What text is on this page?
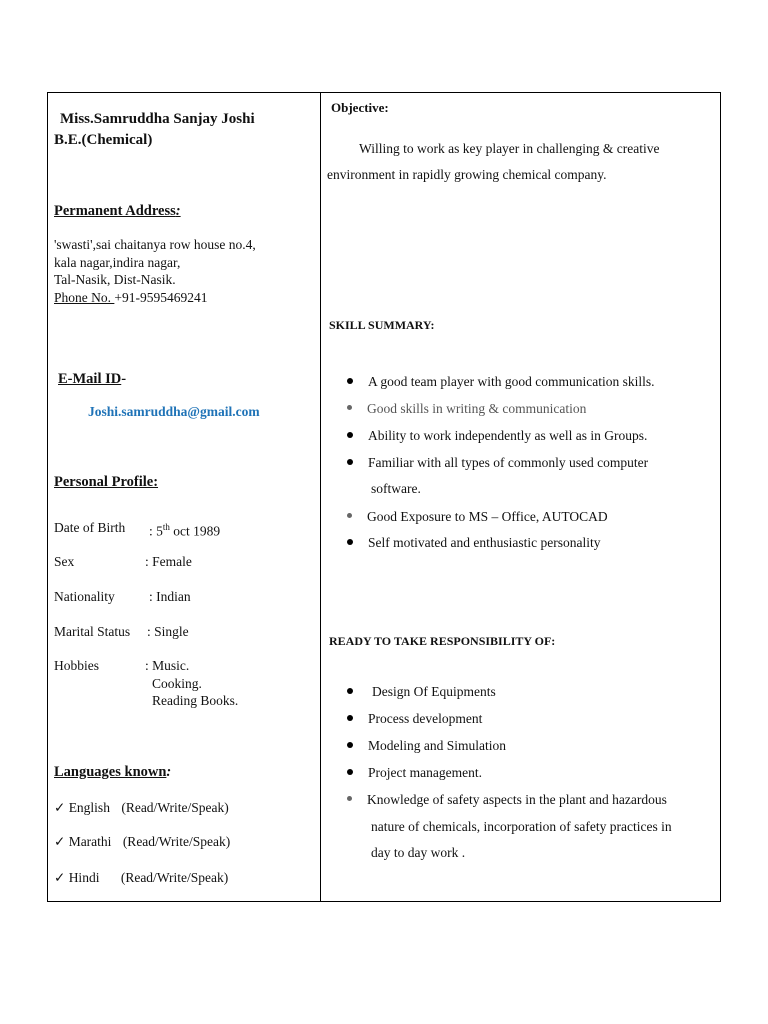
Miss.Samruddha Sanjay Joshi
B.E.(Chemical)
Permanent Address:
'swasti',sai chaitanya row house no.4,
kala nagar,indira nagar,
Tal-Nasik, Dist-Nasik.
Phone No. +91-9595469241
E-Mail ID-
Joshi.samruddha@gmail.com
Personal Profile:
Date of Birth : 5th oct 1989
Sex	: Female
Nationality	: Indian
Marital Status : Single
Hobbies	: Music.
Cooking.
Reading Books.
Languages known:
✓ English (Read/Write/Speak)
✓ Marathi (Read/Write/Speak)
✓ Hindi (Read/Write/Speak)
Objective:
Willing to work as key player in challenging & creative
environment in rapidly growing chemical company.
SKILL SUMMARY:
A good team player with good communication skills.
Good skills in writing & communication
Ability to work independently as well as in Groups.
Familiar with all types of commonly used computer
software.
Good Exposure to MS – Office, AUTOCAD
Self motivated and enthusiastic personality
READY TO TAKE RESPONSIBILITY OF:
Design Of Equipments
Process development
Modeling and Simulation
Project management.
Knowledge of safety aspects in the plant and hazardous
nature of chemicals, incorporation of safety practices in
day to day work .
